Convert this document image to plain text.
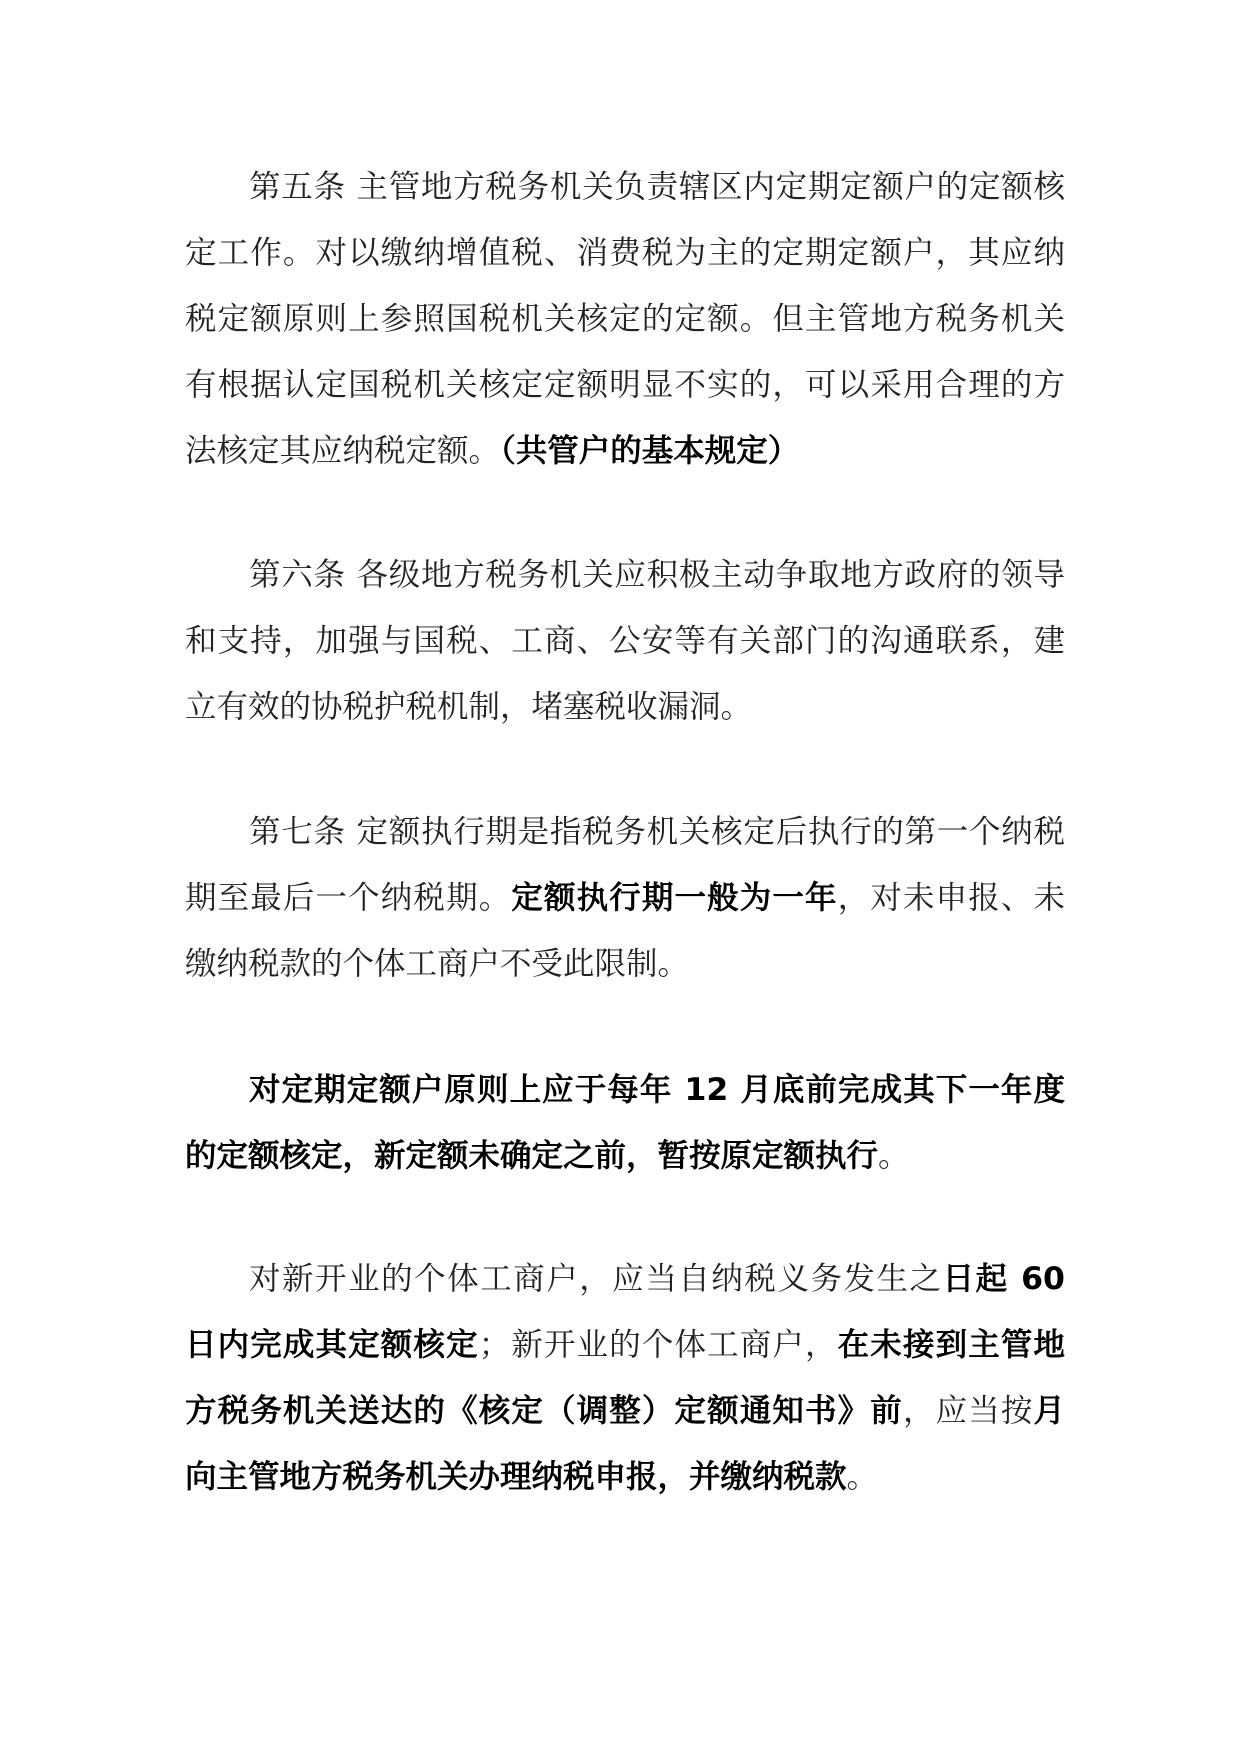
第五条 主管地方税务机关负责辖区内定期定额户的定额核定工作。对以缴纳增值税、消费税为主的定期定额户，其应纳税定额原则上参照国税机关核定的定额。但主管地方税务机关有根据认定国税机关核定定额明显不实的，可以采用合理的方法核定其应纳税定额。（共管户的基本规定）

第六条 各级地方税务机关应积极主动争取地方政府的领导和支持，加强与国税、工商、公安等有关部门的沟通联系，建立有效的协税护税机制，堵塞税收漏洞。

第七条 定额执行期是指税务机关核定后执行的第一个纳税期至最后一个纳税期。定额执行期一般为一年，对未申报、未缴纳税款的个体工商户不受此限制。

对定期定额户原则上应于每年 12 月底前完成其下一年度的定额核定，新定额未确定之前，暂按原定额执行。

对新开业的个体工商户，应当自纳税义务发生之日起 60 日内完成其定额核定；新开业的个体工商户，在未接到主管地方税务机关送达的《核定（调整）定额通知书》前，应当按月向主管地方税务机关办理纳税申报，并缴纳税款。
